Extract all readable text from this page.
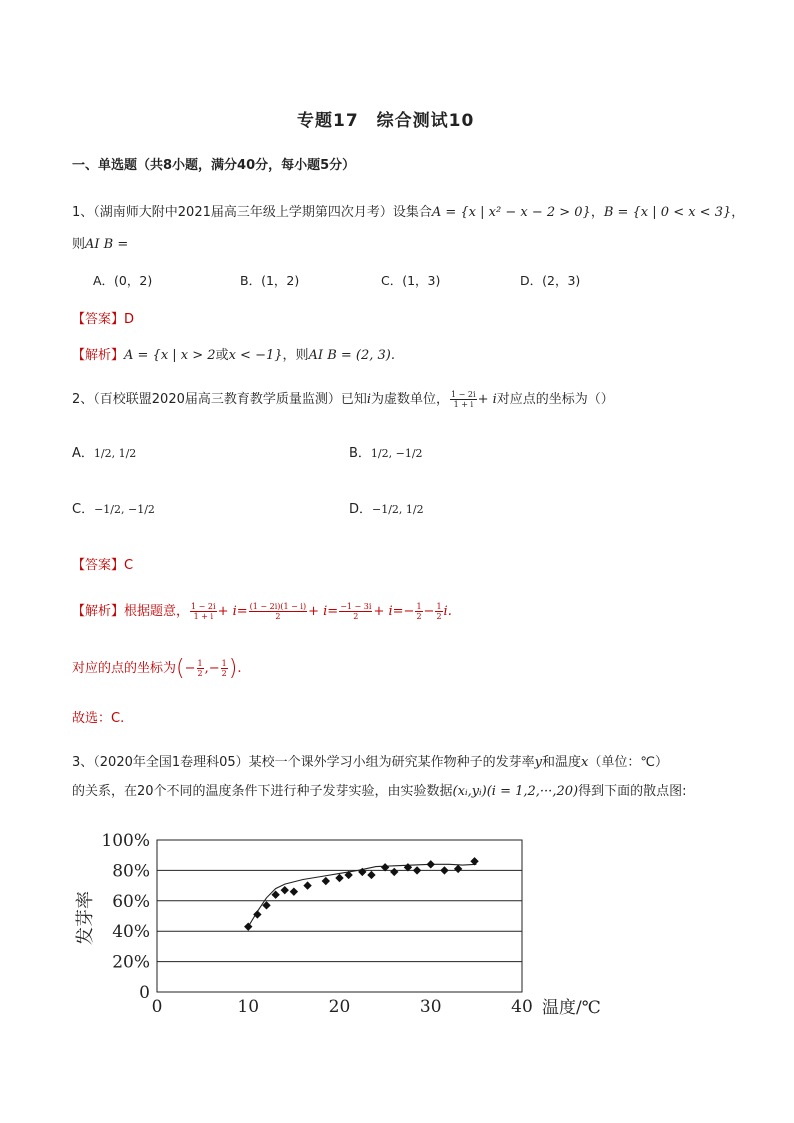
专题17　综合测试10
一、单选题（共8小题，满分40分，每小题5分）
1、（湖南师大附中2021届高三年级上学期第四次月考）设集合A = {x | x² − x − 2 > 0}，B = {x | 0 < x < 3}，
则AI B =
A．(0，2)	B．(1，2)	C．(1，3)	D．(2，3)
【答案】D
【解析】A = {x | x > 2或x < −1}，则AI B = (2, 3).
2、（百校联盟2020届高三教育教学质量监测）已知i为虚数单位， $\frac{1 - 2i}{1 + i} + i$对应点的坐标为（）
A．1/2, 1/2	B．1/2, −1/2
C．−1/2, −1/2	D．−1/2, 1/2
【答案】C
【解析】根据题意， $\frac{1 - 2i}{1 + i} + i= \frac{(1 - 2i)(1 - i)}{2} + i= \frac{-1 - 3i}{2} + i=- \frac{1}{2} - \frac{1}{2} i$.
对应的点的坐标为(− $\frac{1}{2}$ ,− $\frac{1}{2}$ ).
故选：C.
3、（2020年全国1卷理科05）某校一个课外学习小组为研究某作物种子的发芽率y和温度x（单位：℃）
的关系，在20个不同的温度条件下进行种子发芽实验，由实验数据(xᵢ,yᵢ)(i = 1,2,···,20)得到下面的散点图:
0
20%
40%
60%
80%
100%
0	10	20	30	40
发芽率
温度/℃
